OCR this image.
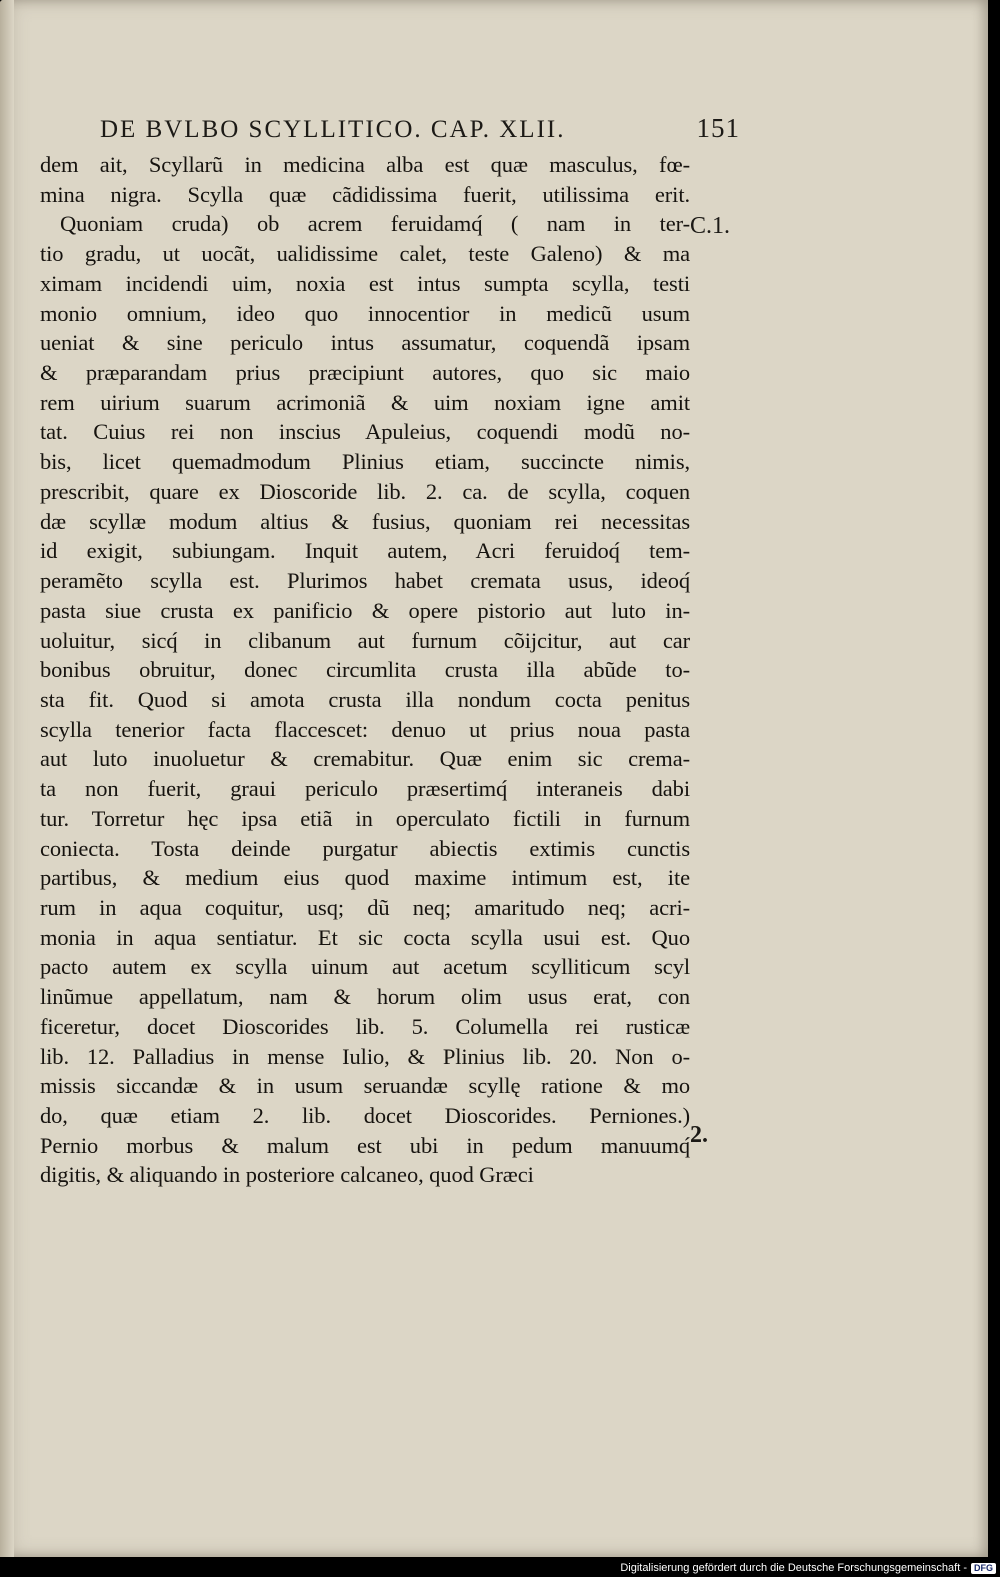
DE BVLBO SCYLLITICO. CAP. XLII.	151
dem ait, Scyllarũ in medicina alba est quæ masculus, fœ-
mina nigra. Scylla quæ cãdidissima fuerit, utilissima erit.
Quoniam cruda) ob acrem feruidamq́ ( nam in ter-
tio gradu, ut uocãt, ualidissime calet, teste Galeno) & ma
ximam incidendi uim, noxia est intus sumpta scylla, testi
monio omnium, ideo quo innocentior in medicũ usum
ueniat & sine periculo intus assumatur, coquendã ipsam
& præparandam prius præcipiunt autores, quo sic maio
rem uirium suarum acrimoniã & uim noxiam igne amit
tat. Cuius rei non inscius Apuleius, coquendi modũ no-
bis, licet quemadmodum Plinius etiam, succincte nimis,
prescribit, quare ex Dioscoride lib. 2. ca. de scylla, coquen
dæ scyllæ modum altius & fusius, quoniam rei necessitas
id exigit, subiungam. Inquit autem, Acri feruidoq́ tem-
peramẽto scylla est. Plurimos habet cremata usus, ideoq́
pasta siue crusta ex panificio & opere pistorio aut luto in-
uoluitur, sicq́ in clibanum aut furnum cõijcitur, aut car
bonibus obruitur, donec circumlita crusta illa abũde to-
sta fit. Quod si amota crusta illa nondum cocta penitus
scylla tenerior facta flaccescet: denuo ut prius noua pasta
aut luto inuoluetur & cremabitur. Quæ enim sic crema-
ta non fuerit, graui periculo præsertimq́ interaneis dabi
tur. Torretur hęc ipsa etiã in operculato fictili in furnum
coniecta. Tosta deinde purgatur abiectis extimis cunctis
partibus, & medium eius quod maxime intimum est, ite
rum in aqua coquitur, usq; dũ neq; amaritudo neq; acri-
monia in aqua sentiatur. Et sic cocta scylla usui est. Quo
pacto autem ex scylla uinum aut acetum scylliticum scyl
linũmue appellatum, nam & horum olim usus erat, con
ficeretur, docet Dioscorides lib. 5. Columella rei rusticæ
lib. 12. Palladius in mense Iulio, & Plinius lib. 20. Non o-
missis siccandæ & in usum seruandæ scyllę ratione & mo
do, quæ etiam 2. lib. docet Dioscorides. Perniones.)
Pernio morbus & malum est ubi in pedum manuumq́
digitis, & aliquando in posteriore calcaneo, quod Græci
C.1.
2.
Digitalisierung gefördert durch die Deutsche Forschungsgemeinschaft - DFG
